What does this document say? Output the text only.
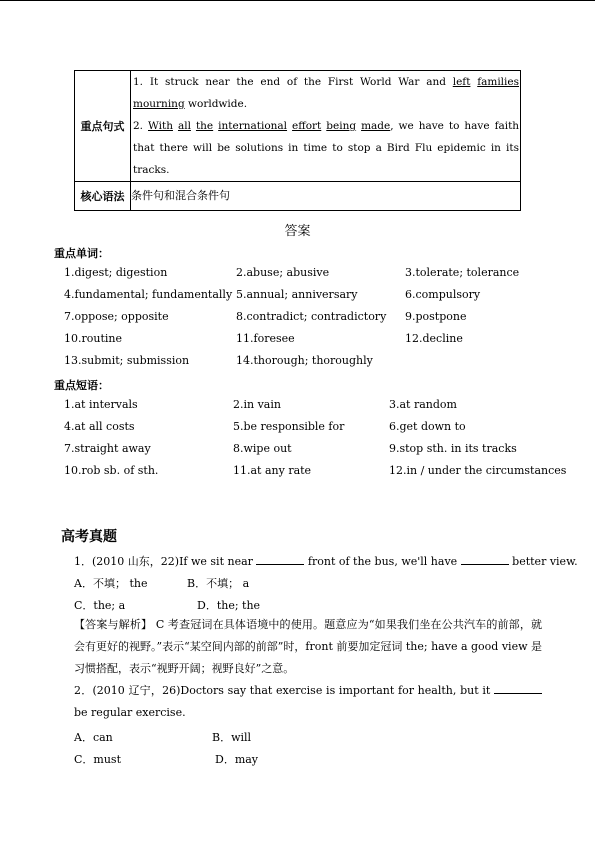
重点句式	1. It struck near the end of the First World War and left families mourning worldwide.
2. With all the international effort being made, we have to have faith that there will be solutions in time to stop a Bird Flu epidemic in its tracks.

核心语法	条件句和混合条件句
答案
重点单词：
1.digest; digestion	2.abuse; abusive	3.tolerate; tolerance
4.fundamental; fundamentally 5.annual; anniversary	6.compulsory
7.oppose; opposite	8.contradict; contradictory 9.postpone
10.routine	11.foresee	12.decline
13.submit; submission	14.thorough; thoroughly
重点短语：
1.at intervals	2.in vain	3.at random
4.at all costs	5.be responsible for	6.get down to
7.straight away	8.wipe out	9.stop sth. in its tracks
10.rob sb. of sth.	11.at any rate	12.in / under the circumstances
高考真题
1．(2010 山东，22)If we sit near	front of the bus, we'll have	better view.
A．不填； the	B．不填； a
C．the; a	D．the; the
【答案与解析】 C 考查冠词在具体语境中的使用。题意应为“如果我们坐在公共汽车的前部，就会有更好的视野。”表示“某空间内部的前部”时，front 前要加定冠词 the; have a good view 是习惯搭配，表示“视野开阔；视野良好”之意。
2．(2010 辽宁，26)Doctors say that exercise is important for health, but it  be regular exercise.
A．can	B．will
C．must	D．may
